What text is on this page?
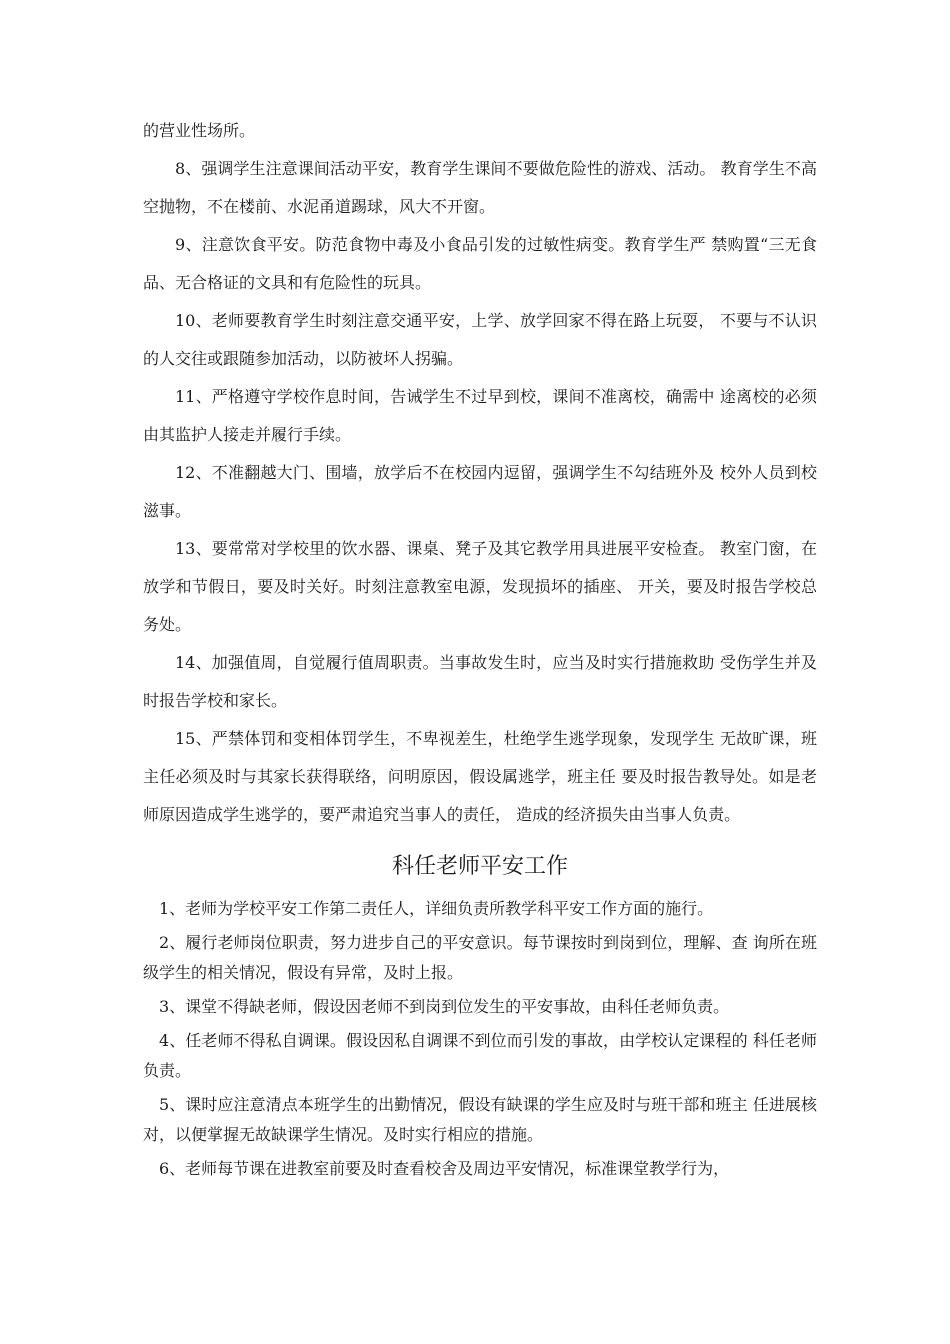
的营业性场所。

8、强调学生注意课间活动平安，教育学生课间不要做危险性的游戏、活动。 教育学生不高空抛物，不在楼前、水泥甬道踢球，风大不开窗。

9、注意饮食平安。防范食物中毒及小食品引发的过敏性病变。教育学生严 禁购置“三无食品、无合格证的文具和有危险性的玩具。

10、老师要教育学生时刻注意交通平安，上学、放学回家不得在路上玩耍， 不要与不认识的人交往或跟随参加活动，以防被坏人拐骗。

11、严格遵守学校作息时间，告诫学生不过早到校，课间不准离校，确需中 途离校的必须由其监护人接走并履行手续。

12、不准翻越大门、围墙，放学后不在校园内逗留，强调学生不勾结班外及 校外人员到校滋事。

13、要常常对学校里的饮水器、课桌、凳子及其它教学用具进展平安检查。 教室门窗，在放学和节假日，要及时关好。时刻注意教室电源，发现损坏的插座、 开关，要及时报告学校总务处。

14、加强值周，自觉履行值周职责。当事故发生时，应当及时实行措施救助 受伤学生并及时报告学校和家长。

15、严禁体罚和变相体罚学生，不卑视差生，杜绝学生逃学现象，发现学生 无故旷课，班主任必须及时与其家长获得联络，问明原因，假设属逃学，班主任 要及时报告教导处。如是老师原因造成学生逃学的，要严肃追究当事人的责任， 造成的经济损失由当事人负责。

科任老师平安工作

1、老师为学校平安工作第二责任人，详细负责所教学科平安工作方面的施行。

2、履行老师岗位职责，努力进步自己的平安意识。每节课按时到岗到位，理解、查 询所在班级学生的相关情况，假设有异常，及时上报。

3、课堂不得缺老师，假设因老师不到岗到位发生的平安事故，由科任老师负责。

4、任老师不得私自调课。假设因私自调课不到位而引发的事故，由学校认定课程的 科任老师负责。

5、课时应注意清点本班学生的出勤情况，假设有缺课的学生应及时与班干部和班主 任进展核对，以便掌握无故缺课学生情况。及时实行相应的措施。

6、老师每节课在进教室前要及时查看校舍及周边平安情况，标准课堂教学行为，
